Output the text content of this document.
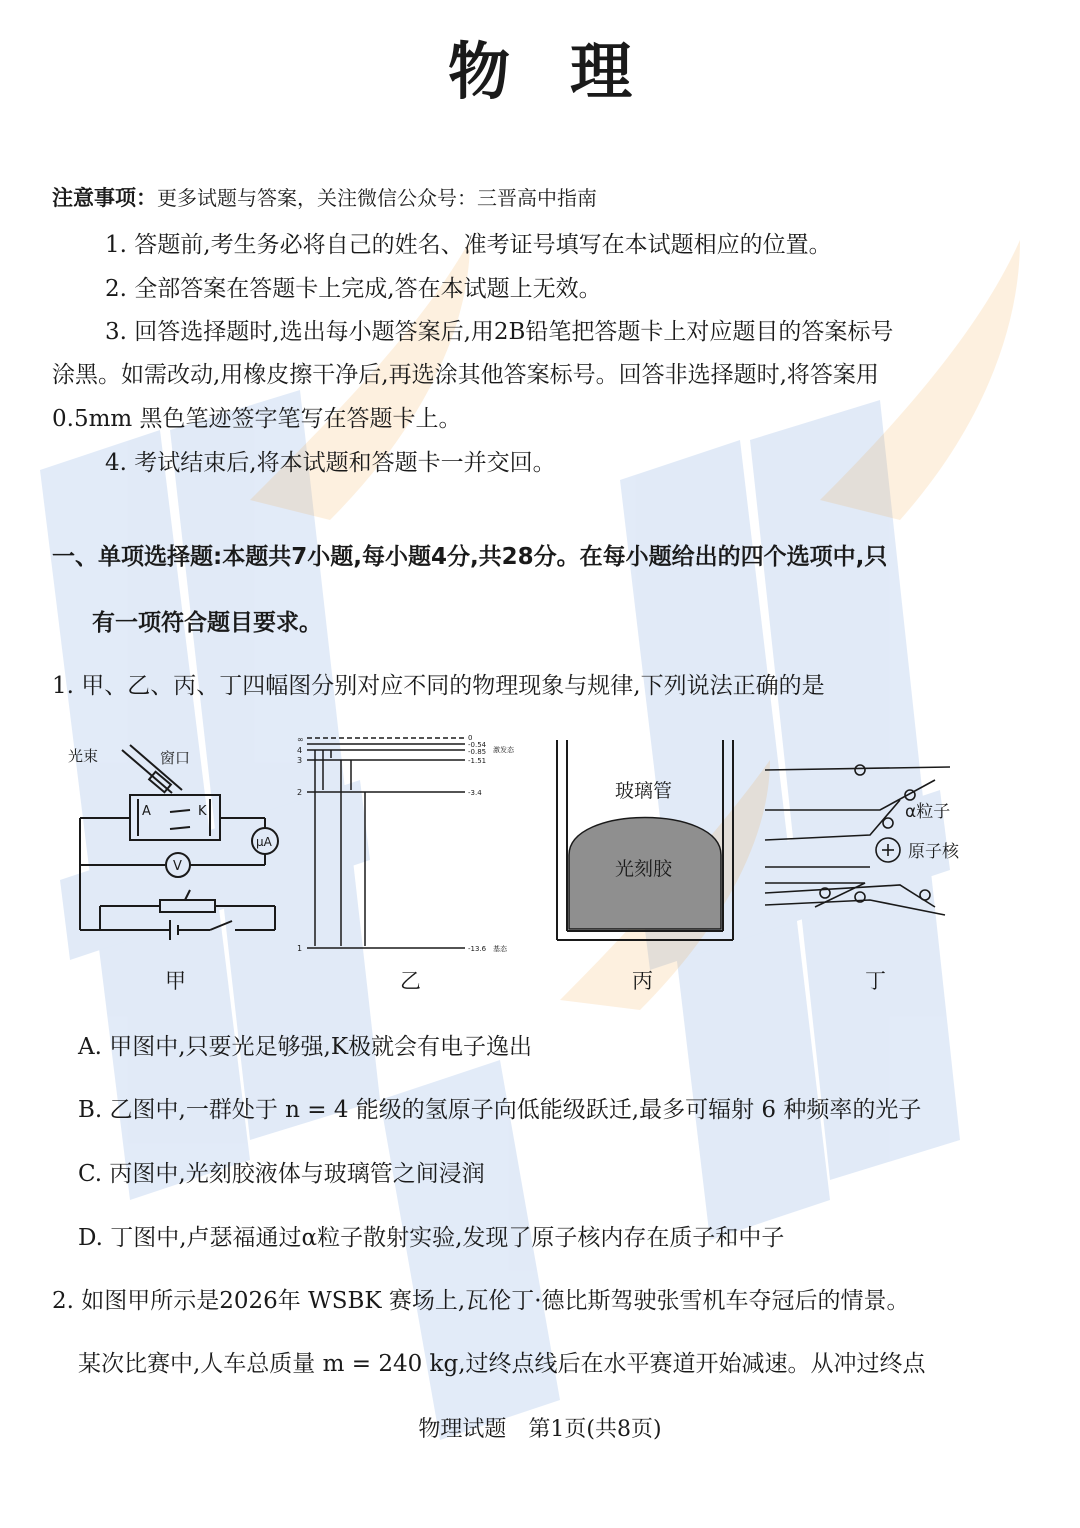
物理
注意事项：更多试题与答案，关注微信公众号：三晋高中指南
1. 答题前,考生务必将自己的姓名、准考证号填写在本试题相应的位置。
2. 全部答案在答题卡上完成,答在本试题上无效。
3. 回答选择题时,选出每小题答案后,用2B铅笔把答题卡上对应题目的答案标号
涂黑。如需改动,用橡皮擦干净后,再选涂其他答案标号。回答非选择题时,将答案用
0.5mm 黑色笔迹签字笔写在答题卡上。
4. 考试结束后,将本试题和答题卡一并交回。
一、单项选择题:本题共7小题,每小题4分,共28分。在每小题给出的四个选项中,只
有一项符合题目要求。
1. 甲、乙、丙、丁四幅图分别对应不同的物理现象与规律,下列说法正确的是
光束	窗口
A	K
μA
V
甲
∞
4
3
2
1
0
-0.54
-0.85
-1.51
-3.4
-13.6
激发态
基态
乙
玻璃管
光刻胶
丙
α粒子
原子核
丁
A. 甲图中,只要光足够强,K极就会有电子逸出
B. 乙图中,一群处于 n = 4 能级的氢原子向低能级跃迁,最多可辐射 6 种频率的光子
C. 丙图中,光刻胶液体与玻璃管之间浸润
D. 丁图中,卢瑟福通过α粒子散射实验,发现了原子核内存在质子和中子
2. 如图甲所示是2026年 WSBK 赛场上,瓦伦丁·德比斯驾驶张雪机车夺冠后的情景。
某次比赛中,人车总质量 m = 240 kg,过终点线后在水平赛道开始减速。从冲过终点
物理试题　第1页(共8页)
